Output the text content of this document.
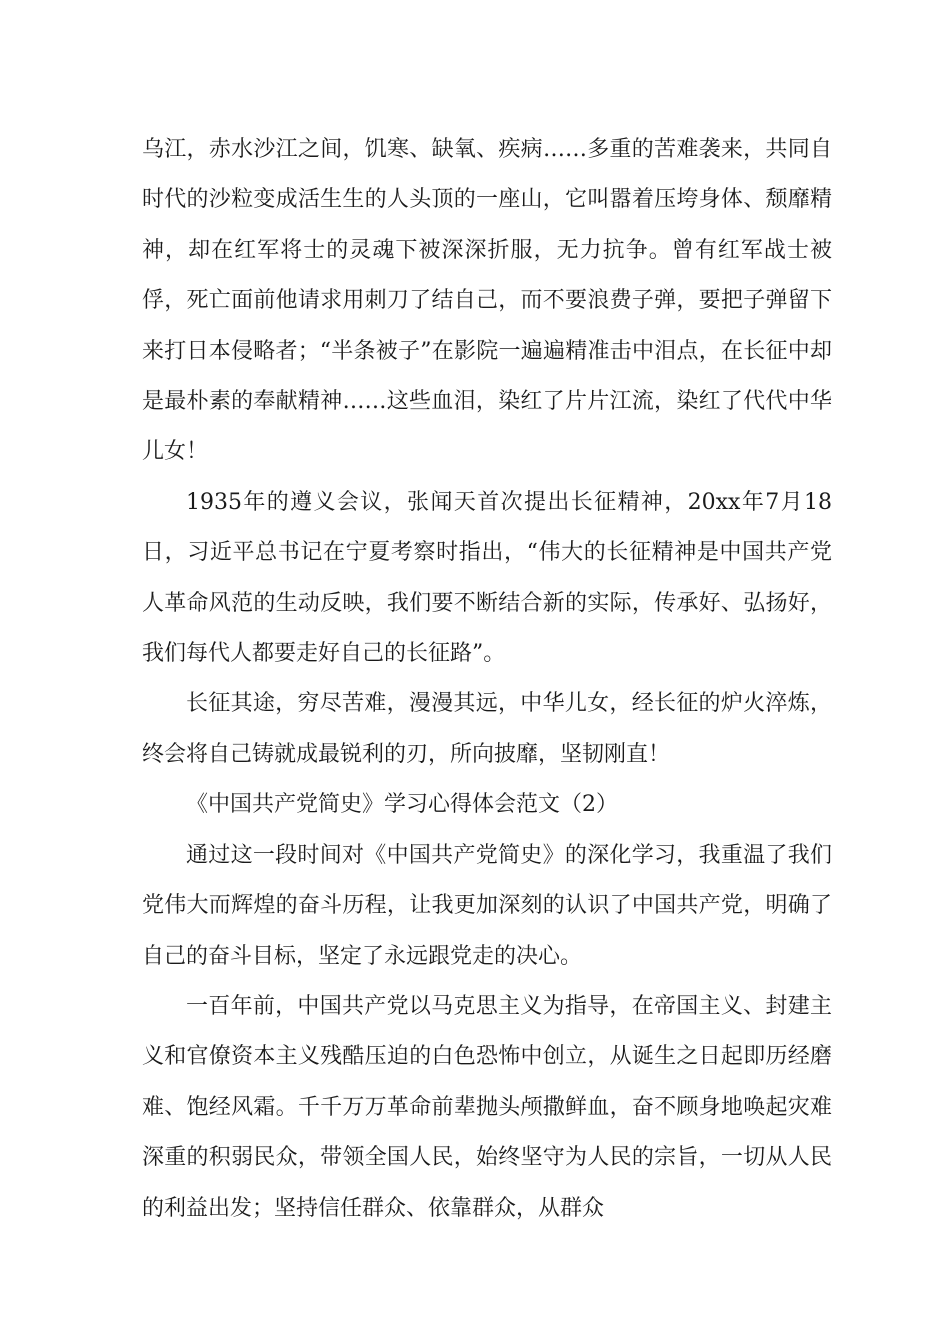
乌江，赤水沙江之间，饥寒、缺氧、疾病……多重的苦难袭来，共同自时代的沙粒变成活生生的人头顶的一座山，它叫嚣着压垮身体、颓靡精神，却在红军将士的灵魂下被深深折服，无力抗争。曾有红军战士被俘，死亡面前他请求用刺刀了结自己，而不要浪费子弹，要把子弹留下来打日本侵略者；“半条被子”在影院一遍遍精准击中泪点，在长征中却是最朴素的奉献精神……这些血泪，染红了片片江流，染红了代代中华儿女！

1935年的遵义会议，张闻天首次提出长征精神，20xx年7月18日，习近平总书记在宁夏考察时指出，“伟大的长征精神是中国共产党人革命风范的生动反映，我们要不断结合新的实际，传承好、弘扬好，我们每代人都要走好自己的长征路”。

长征其途，穷尽苦难，漫漫其远，中华儿女，经长征的炉火淬炼，终会将自己铸就成最锐利的刃，所向披靡，坚韧刚直！

《中国共产党简史》学习心得体会范文（2）

通过这一段时间对《中国共产党简史》的深化学习，我重温了我们党伟大而辉煌的奋斗历程，让我更加深刻的认识了中国共产党，明确了自己的奋斗目标，坚定了永远跟党走的决心。

一百年前，中国共产党以马克思主义为指导，在帝国主义、封建主义和官僚资本主义残酷压迫的白色恐怖中创立，从诞生之日起即历经磨难、饱经风霜。千千万万革命前辈抛头颅撒鲜血，奋不顾身地唤起灾难深重的积弱民众，带领全国人民，始终坚守为人民的宗旨，一切从人民的利益出发；坚持信任群众、依靠群众，从群众
